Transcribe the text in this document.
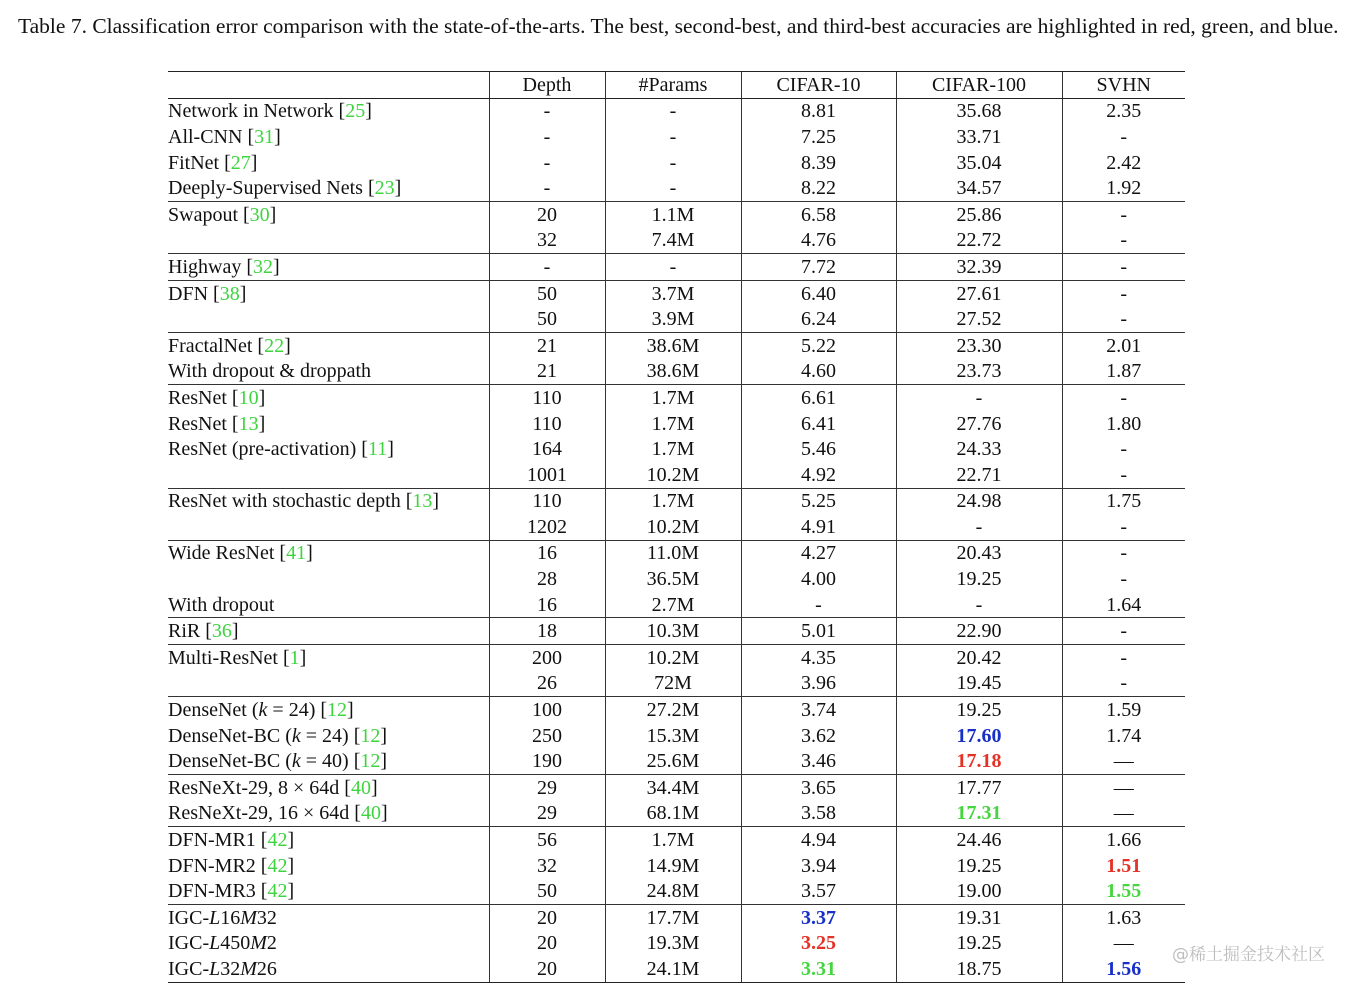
Table 7. Classification error comparison with the state-of-the-arts. The best, second-best, and third-best accuracies are highlighted in red, green, and blue.
	Depth	#Params	CIFAR-10	CIFAR-100	SVHN
Network in Network [25]	-	-	8.81	35.68	2.35
All-CNN [31]	-	-	7.25	33.71	-
FitNet [27]	-	-	8.39	35.04	2.42
Deeply-Supervised Nets [23]	-	-	8.22	34.57	1.92
Swapout [30]	20	1.1M	6.58	25.86	-
	32	7.4M	4.76	22.72	-
Highway [32]	-	-	7.72	32.39	-
DFN [38]	50	3.7M	6.40	27.61	-
	50	3.9M	6.24	27.52	-
FractalNet [22]	21	38.6M	5.22	23.30	2.01
With dropout & droppath	21	38.6M	4.60	23.73	1.87
ResNet [10]	110	1.7M	6.61	-	-
ResNet [13]	110	1.7M	6.41	27.76	1.80
ResNet (pre-activation) [11]	164	1.7M	5.46	24.33	-
	1001	10.2M	4.92	22.71	-
ResNet with stochastic depth [13]	110	1.7M	5.25	24.98	1.75
	1202	10.2M	4.91	-	-
Wide ResNet [41]	16	11.0M	4.27	20.43	-
	28	36.5M	4.00	19.25	-
With dropout	16	2.7M	-	-	1.64
RiR [36]	18	10.3M	5.01	22.90	-
Multi-ResNet [1]	200	10.2M	4.35	20.42	-
	26	72M	3.96	19.45	-
DenseNet (k = 24) [12]	100	27.2M	3.74	19.25	1.59
DenseNet-BC (k = 24) [12]	250	15.3M	3.62	17.60	1.74
DenseNet-BC (k = 40) [12]	190	25.6M	3.46	17.18	—
ResNeXt-29, 8 × 64d [40]	29	34.4M	3.65	17.77	—
ResNeXt-29, 16 × 64d [40]	29	68.1M	3.58	17.31	—
DFN-MR1 [42]	56	1.7M	4.94	24.46	1.66
DFN-MR2 [42]	32	14.9M	3.94	19.25	1.51
DFN-MR3 [42]	50	24.8M	3.57	19.00	1.55
IGC-L16M32	20	17.7M	3.37	19.31	1.63
IGC-L450M2	20	19.3M	3.25	19.25	—
IGC-L32M26	20	24.1M	3.31	18.75	1.56
@稀土掘金技术社区
